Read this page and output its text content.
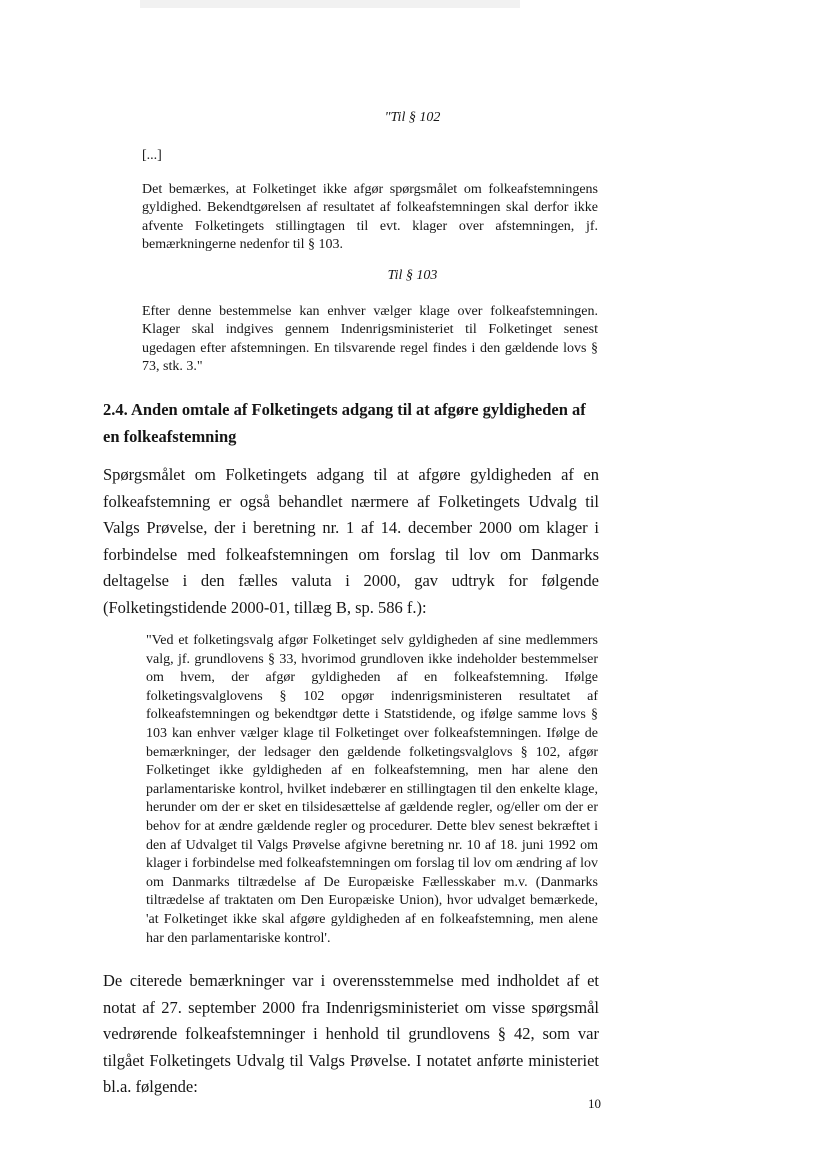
"Til § 102
[...]
Det bemærkes, at Folketinget ikke afgør spørgsmålet om folkeafstemningens gyldighed. Bekendtgørelsen af resultatet af folkeafstemningen skal derfor ikke afvente Folketingets stillingtagen til evt. klager over afstemningen, jf. bemærkningerne nedenfor til § 103.
Til § 103
Efter denne bestemmelse kan enhver vælger klage over folkeafstemningen. Klager skal indgives gennem Indenrigsministeriet til Folketinget senest ugedagen efter afstemningen. En tilsvarende regel findes i den gældende lovs § 73, stk. 3."
2.4. Anden omtale af Folketingets adgang til at afgøre gyldigheden af en folkeafstemning
Spørgsmålet om Folketingets adgang til at afgøre gyldigheden af en folkeafstemning er også behandlet nærmere af Folketingets Udvalg til Valgs Prøvelse, der i beretning nr. 1 af 14. december 2000 om klager i forbindelse med folkeafstemningen om forslag til lov om Danmarks deltagelse i den fælles valuta i 2000, gav udtryk for følgende (Folketingstidende 2000-01, tillæg B, sp. 586 f.):
"Ved et folketingsvalg afgør Folketinget selv gyldigheden af sine medlemmers valg, jf. grundlovens § 33, hvorimod grundloven ikke indeholder bestemmelser om hvem, der afgør gyldigheden af en folkeafstemning. Ifølge folketingsvalglovens § 102 opgør indenrigsministeren resultatet af folkeafstemningen og bekendtgør dette i Statstidende, og ifølge samme lovs § 103 kan enhver vælger klage til Folketinget over folkeafstemningen. Ifølge de bemærkninger, der ledsager den gældende folketingsvalglovs § 102, afgør Folketinget ikke gyldigheden af en folkeafstemning, men har alene den parlamentariske kontrol, hvilket indebærer en stillingtagen til den enkelte klage, herunder om der er sket en tilsidesættelse af gældende regler, og/eller om der er behov for at ændre gældende regler og procedurer. Dette blev senest bekræftet i den af Udvalget til Valgs Prøvelse afgivne beretning nr. 10 af 18. juni 1992 om klager i forbindelse med folkeafstemningen om forslag til lov om ændring af lov om Danmarks tiltrædelse af De Europæiske Fællesskaber m.v. (Danmarks tiltrædelse af traktaten om Den Europæiske Union), hvor udvalget bemærkede, 'at Folketinget ikke skal afgøre gyldigheden af en folkeafstemning, men alene har den parlamentariske kontrol'.
De citerede bemærkninger var i overensstemmelse med indholdet af et notat af 27. september 2000 fra Indenrigsministeriet om visse spørgsmål vedrørende folkeafstemninger i henhold til grundlovens § 42, som var tilgået Folketingets Udvalg til Valgs Prøvelse. I notatet anførte ministeriet bl.a. følgende:
10
